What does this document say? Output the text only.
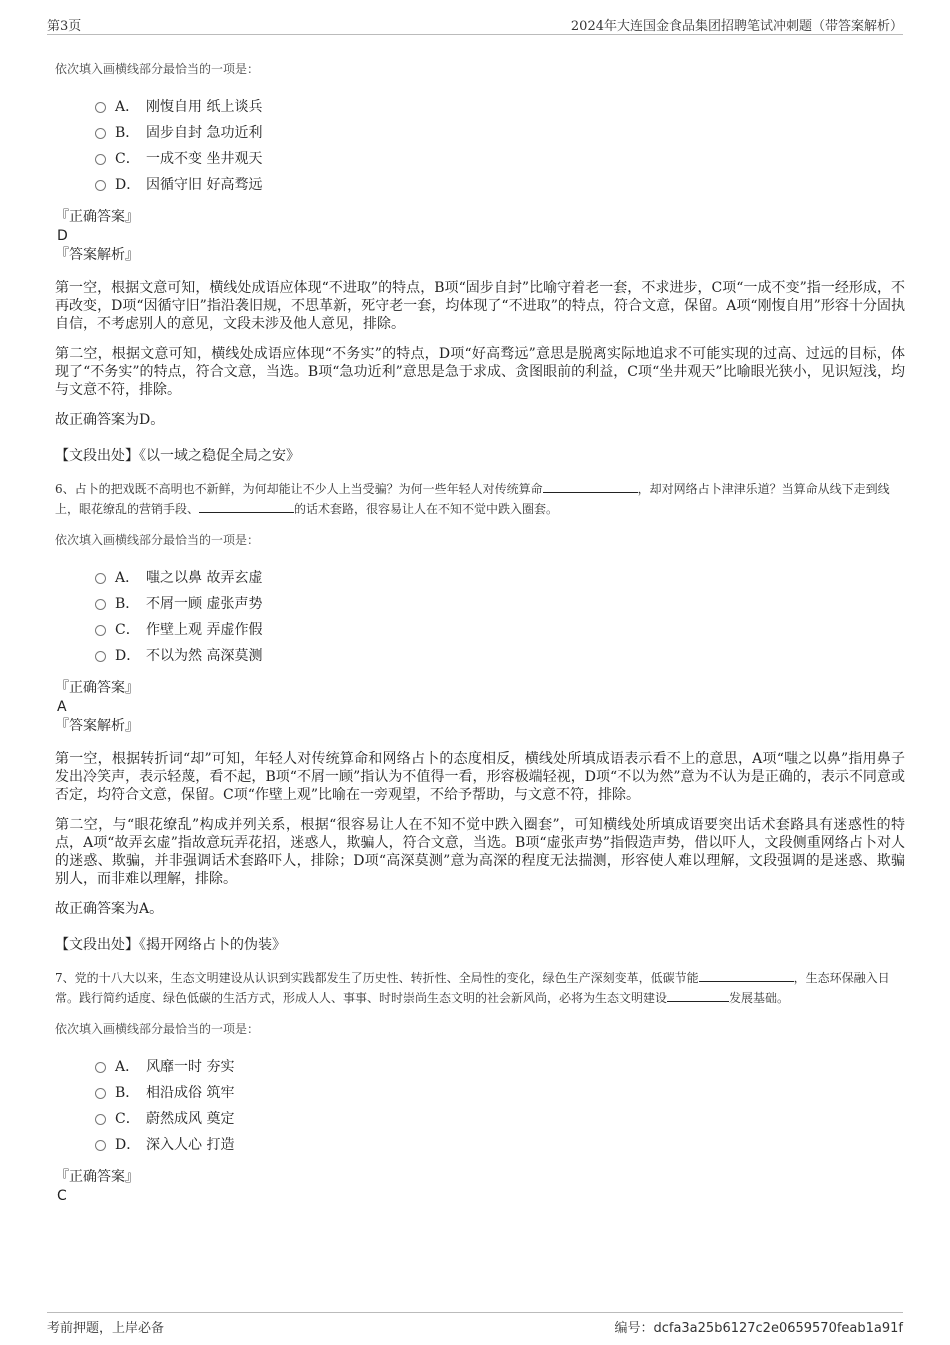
第3页	2024年大连国金食品集团招聘笔试冲刺题（带答案解析）

依次填入画横线部分最恰当的一项是：

A． 刚愎自用 纸上谈兵
B． 固步自封 急功近利
C． 一成不变 坐井观天
D． 因循守旧 好高骛远

『正确答案』

D

『答案解析』

第一空，根据文意可知，横线处成语应体现“不进取”的特点，B项“固步自封”比喻守着老一套，不求进步，C项“一成不变”指一经形成，不再改变，D项“因循守旧”指沿袭旧规，不思革新，死守老一套，均体现了“不进取”的特点，符合文意，保留。A项“刚愎自用”形容十分固执自信，不考虑别人的意见，文段未涉及他人意见，排除。

第二空，根据文意可知，横线处成语应体现“不务实”的特点，D项“好高骛远”意思是脱离实际地追求不可能实现的过高、过远的目标，体现了“不务实”的特点，符合文意，当选。B项“急功近利”意思是急于求成、贪图眼前的利益，C项“坐井观天”比喻眼光狭小，见识短浅，均与文意不符，排除。

故正确答案为D。

【文段出处】《以一域之稳促全局之安》

6、占卜的把戏既不高明也不新鲜，为何却能让不少人上当受骗？为何一些年轻人对传统算命	，却对网络占卜津津乐道？当算命从线下走到线上，眼花缭乱的营销手段、	的话术套路，很容易让人在不知不觉中跌入圈套。

依次填入画横线部分最恰当的一项是：

A． 嗤之以鼻 故弄玄虚
B． 不屑一顾 虚张声势
C． 作壁上观 弄虚作假
D． 不以为然 高深莫测

『正确答案』

A

『答案解析』

第一空，根据转折词“却”可知，年轻人对传统算命和网络占卜的态度相反，横线处所填成语表示看不上的意思，A项“嗤之以鼻”指用鼻子发出冷笑声，表示轻蔑，看不起，B项“不屑一顾”指认为不值得一看，形容极端轻视，D项“不以为然”意为不认为是正确的，表示不同意或否定，均符合文意，保留。C项“作壁上观”比喻在一旁观望，不给予帮助，与文意不符，排除。

第二空，与“眼花缭乱”构成并列关系，根据“很容易让人在不知不觉中跌入圈套”，可知横线处所填成语要突出话术套路具有迷惑性的特点，A项“故弄玄虚”指故意玩弄花招，迷惑人，欺骗人，符合文意，当选。B项“虚张声势”指假造声势，借以吓人，文段侧重网络占卜对人的迷惑、欺骗，并非强调话术套路吓人，排除；D项“高深莫测”意为高深的程度无法揣测，形容使人难以理解，文段强调的是迷惑、欺骗别人，而非难以理解，排除。

故正确答案为A。

【文段出处】《揭开网络占卜的伪装》

7、党的十八大以来，生态文明建设从认识到实践都发生了历史性、转折性、全局性的变化，绿色生产深刻变革，低碳节能	，生态环保融入日常。践行简约适度、绿色低碳的生活方式，形成人人、事事、时时崇尚生态文明的社会新风尚，必将为生态文明建设	发展基础。

依次填入画横线部分最恰当的一项是：

A． 风靡一时 夯实
B． 相沿成俗 筑牢
C． 蔚然成风 奠定
D． 深入人心 打造

『正确答案』

C

考前押题，上岸必备	编号：dcfa3a25b6127c2e0659570feab1a91f
